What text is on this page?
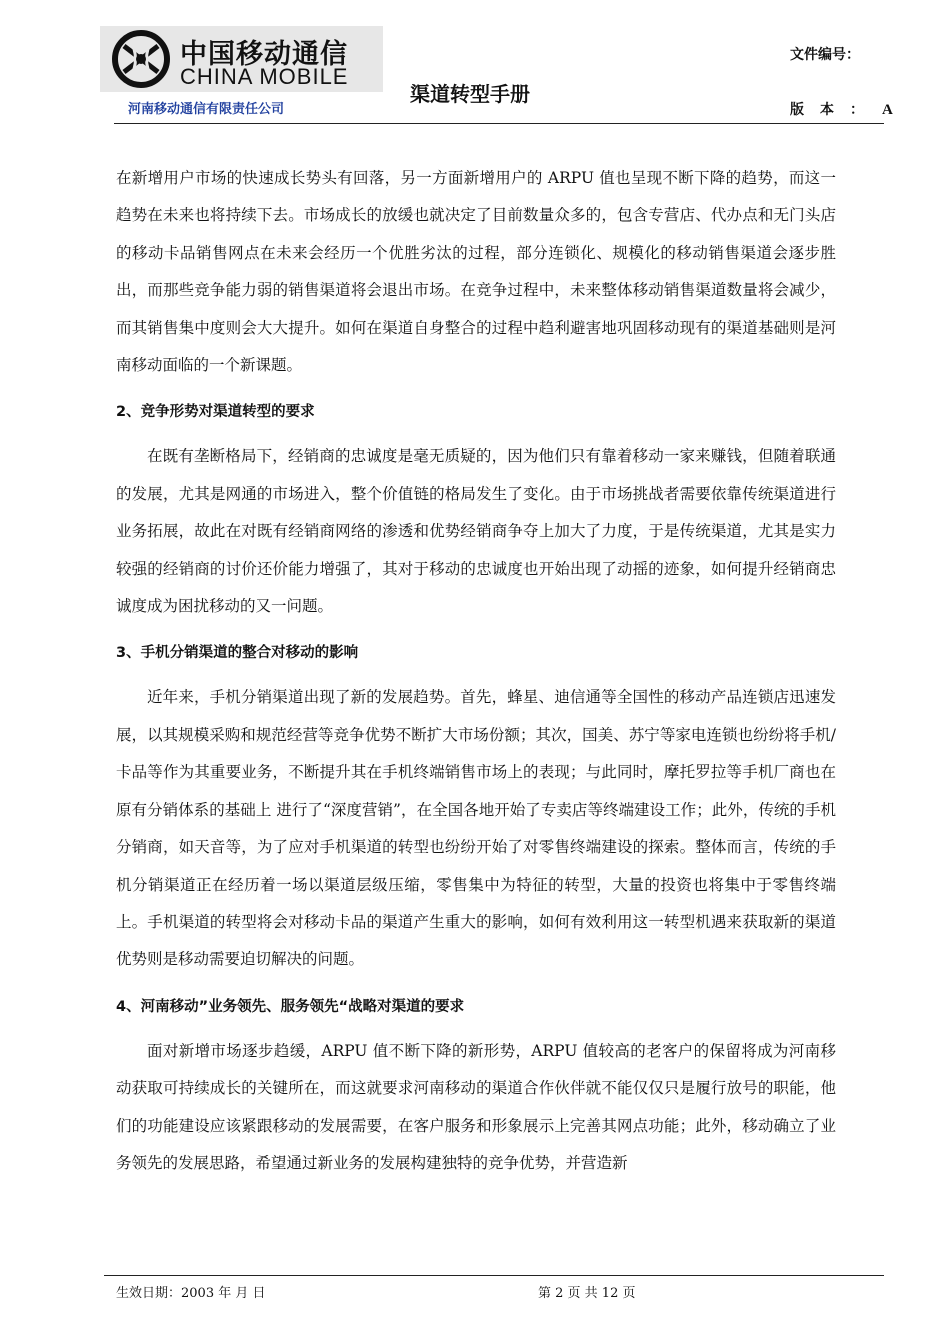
中国移动通信
CHINA MOBILE
河南移动通信有限责任公司
渠道转型手册
文件编号：
版本： A

在新增用户市场的快速成长势头有回落，另一方面新增用户的 ARPU 值也呈现不断下降的趋势，而这一趋势在未来也将持续下去。市场成长的放缓也就决定了目前数量众多的，包含专营店、代办点和无门头店的移动卡品销售网点在未来会经历一个优胜劣汰的过程，部分连锁化、规模化的移动销售渠道会逐步胜出，而那些竞争能力弱的销售渠道将会退出市场。在竞争过程中，未来整体移动销售渠道数量将会减少，而其销售集中度则会大大提升。如何在渠道自身整合的过程中趋利避害地巩固移动现有的渠道基础则是河南移动面临的一个新课题。

2、竞争形势对渠道转型的要求

在既有垄断格局下，经销商的忠诚度是毫无质疑的，因为他们只有靠着移动一家来赚钱，但随着联通的发展，尤其是网通的市场进入，整个价值链的格局发生了变化。由于市场挑战者需要依靠传统渠道进行业务拓展，故此在对既有经销商网络的渗透和优势经销商争夺上加大了力度，于是传统渠道，尤其是实力较强的经销商的讨价还价能力增强了，其对于移动的忠诚度也开始出现了动摇的迹象，如何提升经销商忠诚度成为困扰移动的又一问题。

3、手机分销渠道的整合对移动的影响

近年来，手机分销渠道出现了新的发展趋势。首先，蜂星、迪信通等全国性的移动产品连锁店迅速发展，以其规模采购和规范经营等竞争优势不断扩大市场份额；其次，国美、苏宁等家电连锁也纷纷将手机/卡品等作为其重要业务，不断提升其在手机终端销售市场上的表现；与此同时，摩托罗拉等手机厂商也在原有分销体系的基础上 进行了“深度营销”，在全国各地开始了专卖店等终端建设工作；此外，传统的手机分销商，如天音等，为了应对手机渠道的转型也纷纷开始了对零售终端建设的探索。整体而言，传统的手机分销渠道正在经历着一场以渠道层级压缩，零售集中为特征的转型，大量的投资也将集中于零售终端上。手机渠道的转型将会对移动卡品的渠道产生重大的影响，如何有效利用这一转型机遇来获取新的渠道优势则是移动需要迫切解决的问题。

4、河南移动”业务领先、服务领先“战略对渠道的要求

面对新增市场逐步趋缓，ARPU 值不断下降的新形势，ARPU 值较高的老客户的保留将成为河南移动获取可持续成长的关键所在，而这就要求河南移动的渠道合作伙伴就不能仅仅只是履行放号的职能，他们的功能建设应该紧跟移动的发展需要，在客户服务和形象展示上完善其网点功能；此外，移动确立了业务领先的发展思路，希望通过新业务的发展构建独特的竞争优势，并营造新

生效日期：2003 年 月 日	第 2 页 共 12 页
